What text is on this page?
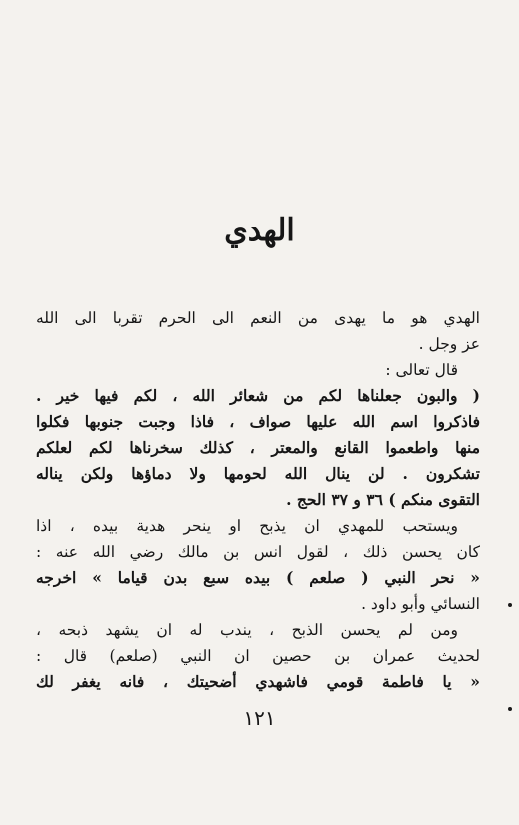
الهدي
الهدي هو ما يهدى من النعم الى الحرم تقربا الى الله
عز وجل .
قال تعالى :
( والبون جعلناها لكم من شعائر الله ، لكم فيها خير .
فاذكروا اسم الله عليها صواف ، فاذا وجبت جنوبها فكلوا
منها واطعموا القانع والمعتر ، كذلك سخرناها لكم لعلكم
تشكرون . لن ينال الله لحومها ولا دماؤها ولكن يناله
التقوى منكم ) ٣٦ و ٣٧ الحج .
ويستحب للمهدي ان يذبح او ينحر هدية بيده ، اذا
كان يحسن ذلك ، لقول انس بن مالك رضي الله عنه :
« نحر النبي ( صلعم ) بيده سبع بدن قياما » اخرجه
النسائي وأبو داود .
ومن لم يحسن الذبح ، يندب له ان يشهد ذبحه ،
لحديث عمران بن حصين ان النبي (صلعم) قال :
« يا فاطمة قومي فاشهدي أضحيتك ، فانه يغفر لك
١٢١
